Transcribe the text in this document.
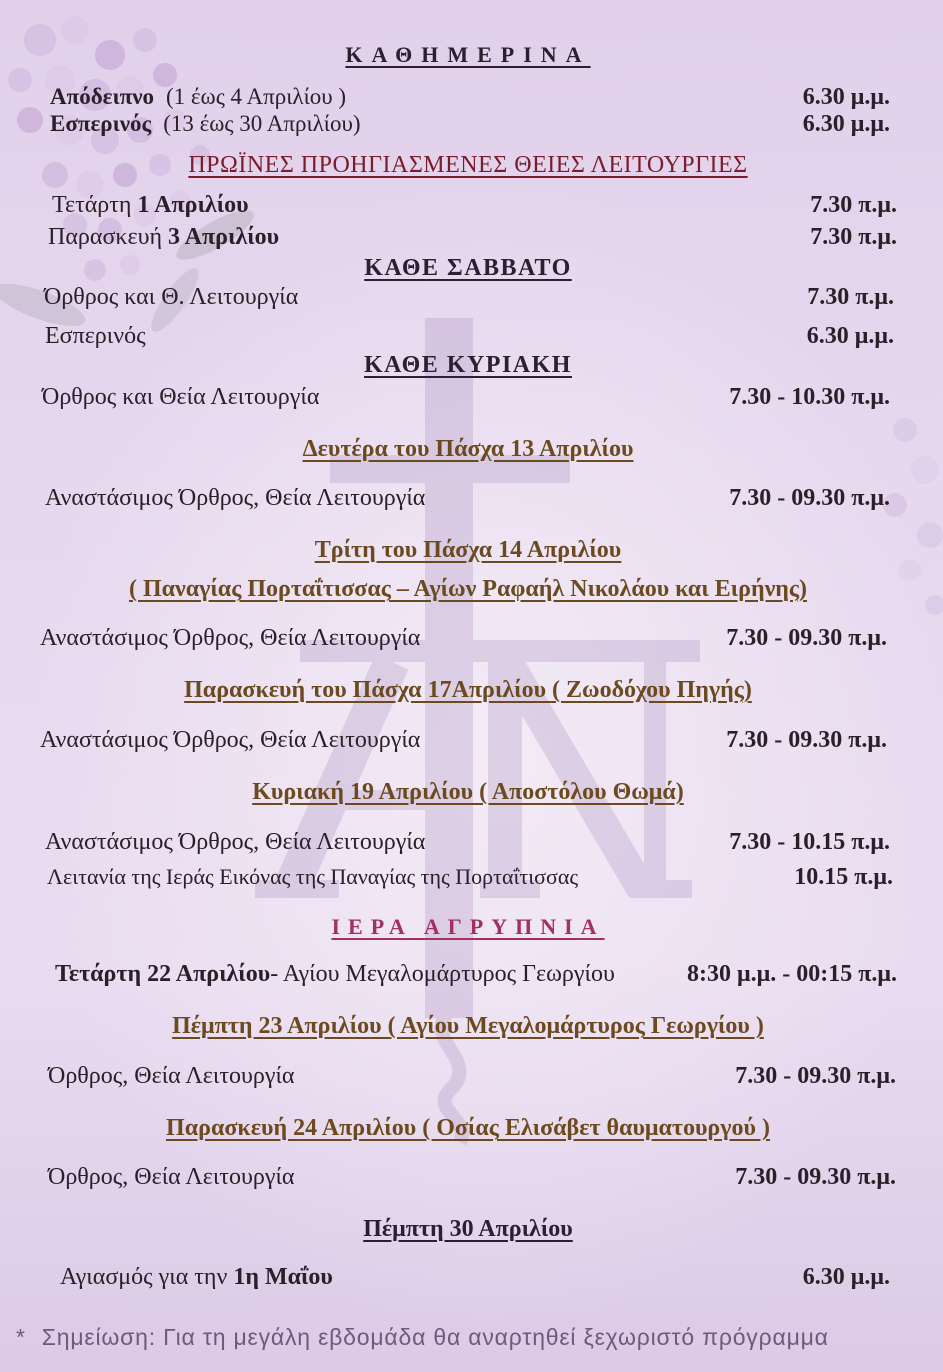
ΚΑΘΗΜΕΡΙΝΑ
Απόδειπνο (1 έως 4 Απριλίου )	6.30 μ.μ.
Εσπερινός (13 έως 30 Απριλίου)	6.30 μ.μ.
ΠΡΩΪΝΕΣ ΠΡΟΗΓΙΑΣΜΕΝΕΣ ΘΕΙΕΣ ΛΕΙΤΟΥΡΓΙΕΣ
Τετάρτη 1 Απριλίου	7.30 π.μ.
Παρασκευή 3 Απριλίου	7.30 π.μ.
ΚΑΘΕ ΣΑΒΒΑΤΟ
Όρθρος και Θ. Λειτουργία	7.30 π.μ.
Εσπερινός	6.30 μ.μ.
ΚΑΘΕ ΚΥΡΙΑΚΗ
Όρθρος και Θεία Λειτουργία	7.30 - 10.30 π.μ.
Δευτέρα του Πάσχα 13 Απριλίου
Αναστάσιμος Όρθρος, Θεία Λειτουργία	7.30 - 09.30 π.μ.
Τρίτη του Πάσχα 14 Απριλίου
( Παναγίας Πορταΐτισσας – Αγίων Ραφαήλ Νικολάου και Ειρήνης)
Αναστάσιμος Όρθρος, Θεία Λειτουργία	7.30 - 09.30 π.μ.
Παρασκευή του Πάσχα 17Απριλίου ( Ζωοδόχου Πηγής)
Αναστάσιμος Όρθρος, Θεία Λειτουργία	7.30 - 09.30 π.μ.
Κυριακή 19 Απριλίου ( Αποστόλου Θωμά)
Αναστάσιμος Όρθρος, Θεία Λειτουργία	7.30 - 10.15 π.μ.
Λειτανία της Ιεράς Εικόνας της Παναγίας της Πορταΐτισσας	10.15 π.μ.
ΙΕΡΑ ΑΓΡΥΠΝΙΑ
Τετάρτη 22 Απριλίου- Αγίου Μεγαλομάρτυρος Γεωργίου	8:30 μ.μ. - 00:15 π.μ.
Πέμπτη 23 Απριλίου ( Αγίου Μεγαλομάρτυρος Γεωργίου )
Όρθρος, Θεία Λειτουργία	7.30 - 09.30 π.μ.
Παρασκευή 24 Απριλίου ( Οσίας Ελισάβετ θαυματουργού )
Όρθρος, Θεία Λειτουργία	7.30 - 09.30 π.μ.
Πέμπτη 30 Απριλίου
Αγιασμός για την 1η Μαΐου	6.30 μ.μ.
* Σημείωση: Για τη μεγάλη εβδομάδα θα αναρτηθεί ξεχωριστό πρόγραμμα
